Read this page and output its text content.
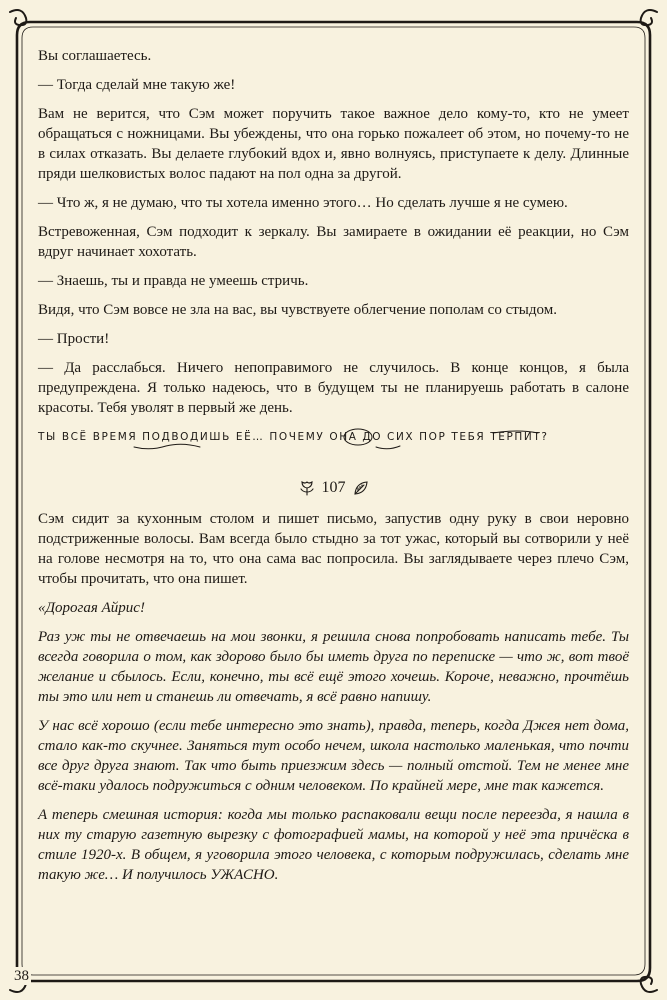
Вы соглашаетесь.

— Тогда сделай мне такую же!

Вам не верится, что Сэм может поручить такое важное дело кому-то, кто не умеет обращаться с ножницами. Вы убеждены, что она горько пожалеет об этом, но почему-то не в силах отказать. Вы делаете глубокий вдох и, явно волнуясь, приступаете к делу. Длинные пряди шелковистых волос падают на пол одна за другой.

— Что ж, я не думаю, что ты хотела именно этого… Но сделать лучше я не сумею.

Встревоженная, Сэм подходит к зеркалу. Вы замираете в ожидании её реакции, но Сэм вдруг начинает хохотать.

— Знаешь, ты и правда не умеешь стричь.

Видя, что Сэм вовсе не зла на вас, вы чувствуете облегчение пополам со стыдом.

— Прости!

— Да расслабься. Ничего непоправимого не случилось. В конце концов, я была предупреждена. Я только надеюсь, что в будущем ты не планируешь работать в салоне красоты. Тебя уволят в первый же день.

ТЫ ВСЁ ВРЕМЯ ПОДВОДИШЬ ЕЁ… ПОЧЕМУ ОНА ДО СИХ ПОР ТЕБЯ ТЕРПИТ?
107

Сэм сидит за кухонным столом и пишет письмо, запустив одну руку в свои неровно подстриженные волосы. Вам всегда было стыдно за тот ужас, который вы сотворили у неё на голове несмотря на то, что она сама вас попросила. Вы заглядываете через плечо Сэм, чтобы прочитать, что она пишет.

«Дорогая Айрис!

Раз уж ты не отвечаешь на мои звонки, я решила снова попробовать написать тебе. Ты всегда говорила о том, как здорово было бы иметь друга по переписке — что ж, вот твоё желание и сбылось. Если, конечно, ты всё ещё этого хочешь. Короче, неважно, прочтёшь ты это или нет и станешь ли отвечать, я всё равно напишу.

У нас всё хорошо (если тебе интересно это знать), правда, теперь, когда Джея нет дома, стало как-то скучнее. Заняться тут особо нечем, школа настолько маленькая, что почти все друг друга знают. Так что быть приезжим здесь — полный отстой. Тем не менее мне всё-таки удалось подружиться с одним человеком. По крайней мере, мне так кажется.

А теперь смешная история: когда мы только распаковали вещи после переезда, я нашла в них ту старую газетную вырезку с фотографией мамы, на которой у неё эта причёска в стиле 1920-х. В общем, я уговорила этого человека, с которым подружилась, сделать мне такую же… И получилось УЖАСНО.

38
